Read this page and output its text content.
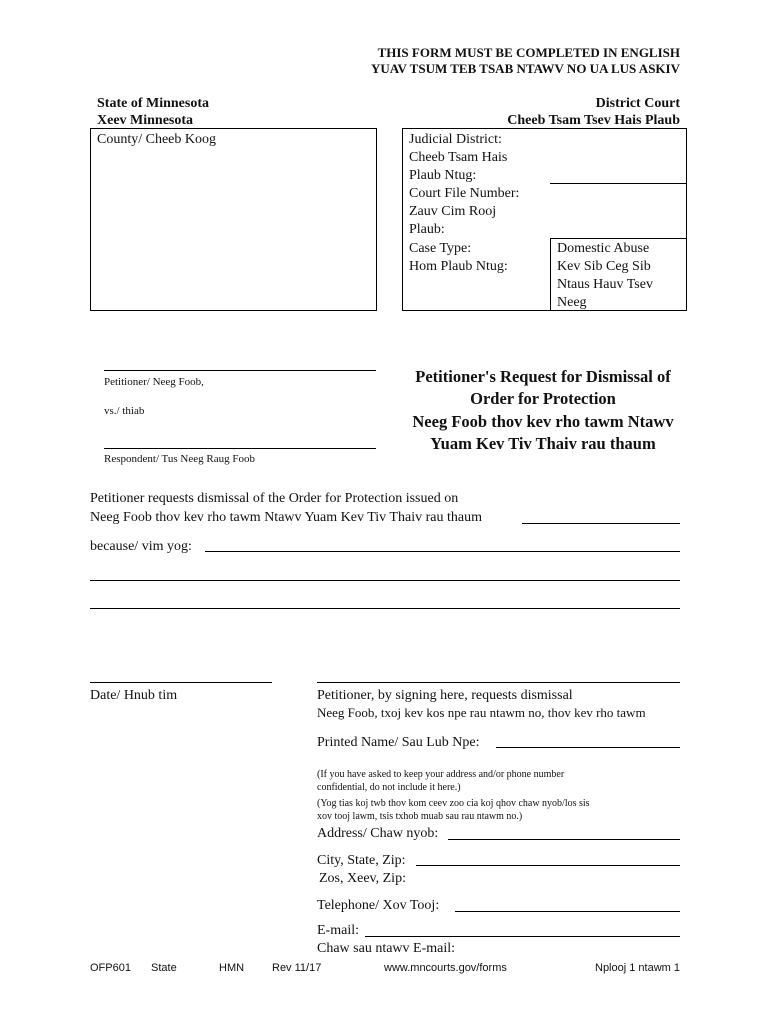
THIS FORM MUST BE COMPLETED IN ENGLISH
YUAV TSUM TEB TSAB NTAWV NO UA LUS ASKIV
State of Minnesota
Xeev Minnesota
County/ Cheeb Koog
District Court
Cheeb Tsam Tsev Hais Plaub
Judicial District:
Cheeb Tsam Hais
Plaub Ntug:
Court File Number:
Zauv Cim Rooj
Plaub:
Case Type:
Hom Plaub Ntug:
Domestic Abuse
Kev Sib Ceg Sib
Ntaus Hauv Tsev
Neeg
Petitioner/ Neeg Foob,
vs./ thiab
Respondent/ Tus Neeg Raug Foob
Petitioner's Request for Dismissal of
Order for Protection
Neeg Foob thov kev rho tawm Ntawv
Yuam Kev Tiv Thaiv rau thaum
Petitioner requests dismissal of the Order for Protection issued on
Neeg Foob thov kev rho tawm Ntawv Yuam Kev Tiv Thaiv rau thaum
because/ vim yog:
Date/ Hnub tim	Petitioner, by signing here, requests dismissal
Neeg Foob, txoj kev kos npe rau ntawm no, thov kev rho tawm
Printed Name/ Sau Lub Npe:
(If you have asked to keep your address and/or phone number
confidential, do not include it here.)
(Yog tias koj twb thov kom ceev zoo cia koj qhov chaw nyob/los sis
xov tooj lawm, tsis txhob muab sau rau ntawm no.)
Address/ Chaw nyob:
City, State, Zip:
Zos, Xeev, Zip:
Telephone/ Xov Tooj:
E-mail:
Chaw sau ntawv E-mail:
OFP601 State	HMN	Rev 11/17	www.mncourts.gov/forms	Nplooj 1 ntawm 1
